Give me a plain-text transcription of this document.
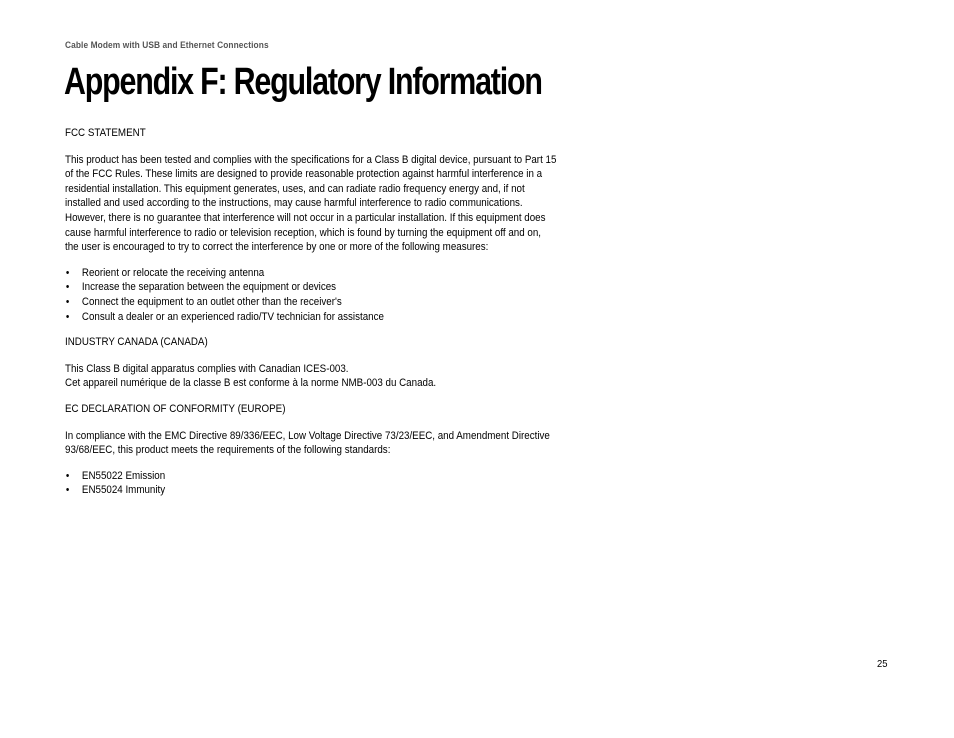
Cable Modem with USB and Ethernet Connections
Appendix F: Regulatory Information
FCC STATEMENT
This product has been tested and complies with the specifications for a Class B digital device, pursuant to Part 15
of the FCC Rules. These limits are designed to provide reasonable protection against harmful interference in a
residential installation. This equipment generates, uses, and can radiate radio frequency energy and, if not
installed and used according to the instructions, may cause harmful interference to radio communications.
However, there is no guarantee that interference will not occur in a particular installation. If this equipment does
cause harmful interference to radio or television reception, which is found by turning the equipment off and on,
the user is encouraged to try to correct the interference by one or more of the following measures:
• Reorient or relocate the receiving antenna
• Increase the separation between the equipment or devices
• Connect the equipment to an outlet other than the receiver's
• Consult a dealer or an experienced radio/TV technician for assistance
INDUSTRY CANADA (CANADA)
This Class B digital apparatus complies with Canadian ICES-003.
Cet appareil numérique de la classe B est conforme à la norme NMB-003 du Canada.
EC DECLARATION OF CONFORMITY (EUROPE)
In compliance with the EMC Directive 89/336/EEC, Low Voltage Directive 73/23/EEC, and Amendment Directive
93/68/EEC, this product meets the requirements of the following standards:
• EN55022 Emission
• EN55024 Immunity
25
